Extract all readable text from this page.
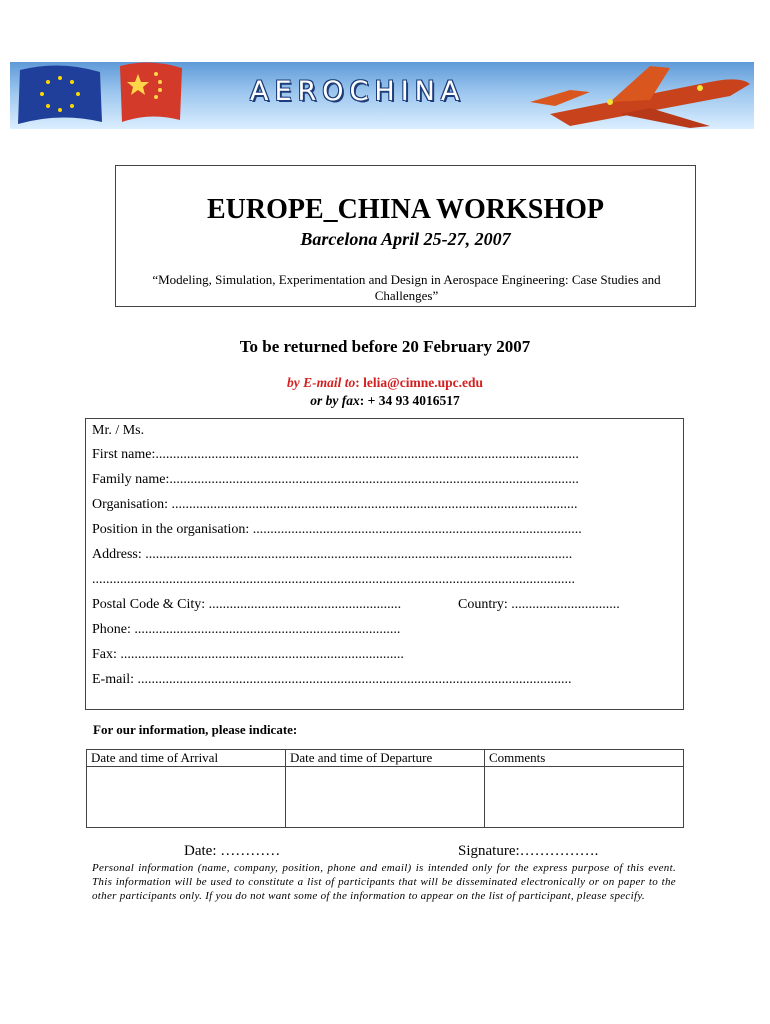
AEROCHINA
EUROPE_CHINA WORKSHOP
Barcelona April 25-27, 2007
“Modeling, Simulation, Experimentation and Design in Aerospace Engineering: Case Studies and Challenges”
To be returned before 20 February 2007
by E-mail to: lelia@cimne.upc.edu
or by fax: + 34 93 4016517
Mr. / Ms.
First name:.........................................................................................................................
Family name:.....................................................................................................................
Organisation: ....................................................................................................................
Position in the organisation: ..............................................................................................
Address: ..........................................................................................................................
..........................................................................................................................................
Postal Code & City: .......................................................	Country: ...............................
Phone: ............................................................................
Fax: .................................................................................
E-mail: ............................................................................................................................
For our information, please indicate:
Date and time of Arrival	Date and time of Departure	Comments

Date: …………	Signature:…………….
Personal information (name, company, position, phone and email) is intended only for the express purpose of this event. This information will be used to constitute a list of participants that will be disseminated electronically or on paper to the other participants only. If you do not want some of the information to appear on the list of participant, please specify.
